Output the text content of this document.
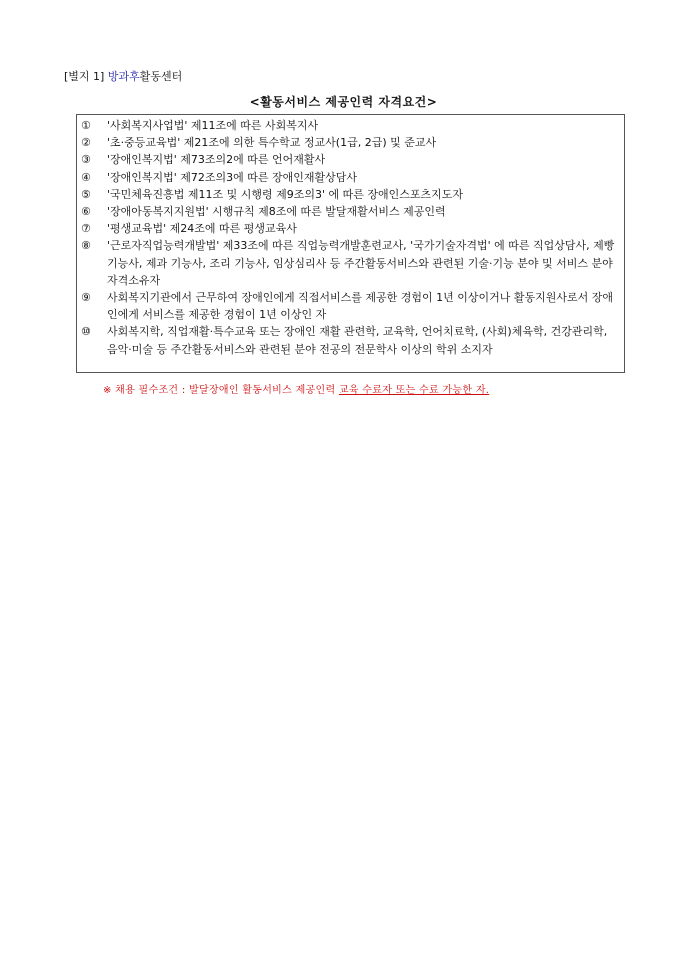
[별지 1] 방과후활동센터
<활동서비스 제공인력 자격요건>
①	'사회복지사업법' 제11조에 따른 사회복지사
②	'초·중등교육법' 제21조에 의한 특수학교 정교사(1급, 2급) 및 준교사
③	'장애인복지법' 제73조의2에 따른 언어재활사
④	'장애인복지법' 제72조의3에 따른 장애인재활상담사
⑤	'국민체육진흥법 제11조 및 시행령 제9조의3' 에 따른 장애인스포츠지도자
⑥	'장애아동복지지원법' 시행규칙 제8조에 따른 발달재활서비스 제공인력
⑦	'평생교육법' 제24조에 따른 평생교육사
⑧	'근로자직업능력개발법' 제33조에 따른 직업능력개발훈련교사, '국가기술자격법' 에 따른 직업상담사, 제빵 기능사, 제과 기능사, 조리 기능사, 임상심리사 등 주간활동서비스와 관련된 기술·기능 분야 및 서비스 분야 자격소유자
⑨	사회복지기관에서 근무하여 장애인에게 직접서비스를 제공한 경험이 1년 이상이거나 활동지원사로서 장애인에게 서비스를 제공한 경험이 1년 이상인 자
⑩	사회복지학, 직업재활·특수교육 또는 장애인 재활 관련학, 교육학, 언어치료학, (사회)체육학, 건강관리학, 음악·미술 등 주간활동서비스와 관련된 분야 전공의 전문학사 이상의 학위 소지자
※ 채용 필수조건 : 발달장애인 활동서비스 제공인력 교육 수료자 또는 수료 가능한 자.
